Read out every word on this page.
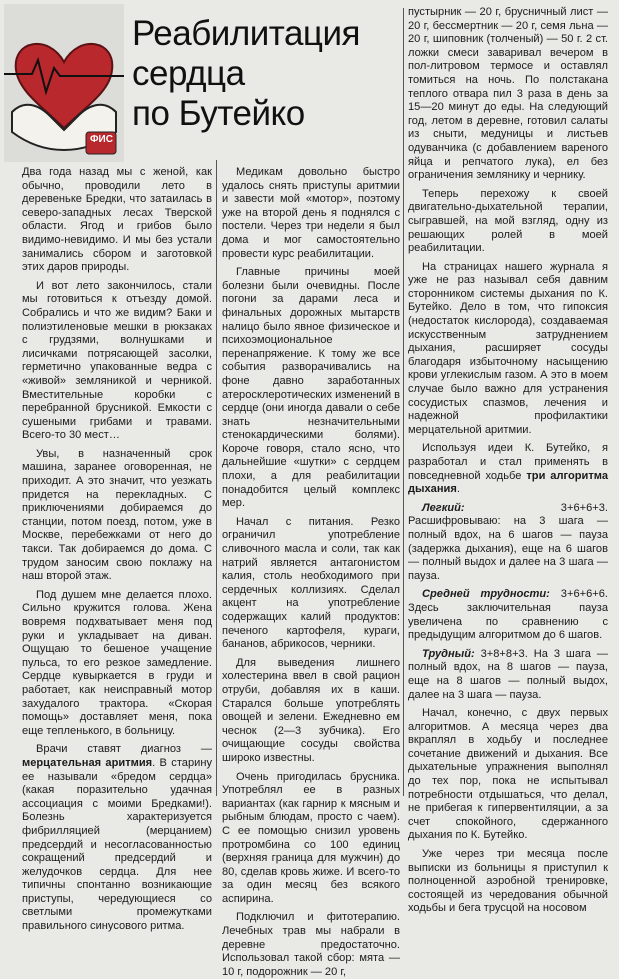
ФИС
Реабилитация
сердца
по Бутейко

Два года назад мы с женой, как обычно, проводили лето в деревеньке Бредки, что затаилась в северо-западных лесах Тверской области. Ягод и грибов было видимо-невидимо. И мы без устали занимались сбором и заготовкой этих даров природы.

И вот лето закончилось, стали мы готовиться к отъезду домой. Собрались и что же видим? Баки и полиэтиленовые мешки в рюкзаках с грудзями, волнушками и лисичками потрясающей засолки, герметично упакованные ведра с «живой» земляникой и черникой. Вместительные коробки с перебранной брусникой. Емкости с сушеными грибами и травами. Всего-то 30 мест…

Увы, в назначенный срок машина, заранее оговоренная, не приходит. А это значит, что уезжать придется на перекладных. С приключениями добираемся до станции, потом поезд, потом, уже в Москве, перебежками от него до такси. Так добираемся до дома. С трудом заносим свою поклажу на наш второй этаж.

Под душем мне делается плохо. Сильно кружится голова. Жена вовремя подхватывает меня под руки и укладывает на диван. Ощущаю то бешеное учащение пульса, то его резкое замедление. Сердце кувыркается в груди и работает, как неисправный мотор захудалого трактора. «Скорая помощь» доставляет меня, пока еще тепленького, в больницу.

Врачи ставят диагноз — мерцательная аритмия. В старину ее называли «бредом сердца» (какая поразительно удачная ассоциация с моими Бредками!). Болезнь характеризуется фибрилляцией (мерцанием) предсердий и несогласованностью сокращений предсердий и желудочков сердца. Для нее типичны спонтанно возникающие приступы, чередующиеся со светлыми промежутками правильного синусового ритма.

Медикам довольно быстро удалось снять приступы аритмии и завести мой «мотор», поэтому уже на второй день я поднялся с постели. Через три недели я был дома и мог самостоятельно провести курс реабилитации.

Главные причины моей болезни были очевидны. После погони за дарами леса и финальных дорожных мытарств налицо было явное физическое и психоэмоциональное перенапряжение. К тому же все события разворачивались на фоне давно заработанных атеросклеротических изменений в сердце (они иногда давали о себе знать незначительными стенокардическими болями). Короче говоря, стало ясно, что дальнейшие «шутки» с сердцем плохи, а для реабилитации понадобится целый комплекс мер.

Начал с питания. Резко ограничил употребление сливочного масла и соли, так как натрий является антагонистом калия, столь необходимого при сердечных коллизиях. Сделал акцент на употребление содержащих калий продуктов: печеного картофеля, кураги, бананов, абрикосов, черники.

Для выведения лишнего холестерина ввел в свой рацион отруби, добавляя их в каши. Старался больше употреблять овощей и зелени. Ежедневно ем чеснок (2—3 зубчика). Его очищающие сосуды свойства широко известны.

Очень пригодилась брусника. Употреблял ее в разных вариантах (как гарнир к мясным и рыбным блюдам, просто с чаем). С ее помощью снизил уровень протромбина со 100 единиц (верхняя граница для мужчин) до 80, сделав кровь жиже. И всего-то за один месяц без всякого аспирина.

Подключил и фитотерапию. Лечебных трав мы набрали в деревне предостаточно. Использовал такой сбор: мята — 10 г, подорожник — 20 г,

пустырник — 20 г, брусничный лист — 20 г, бессмертник — 20 г, семя льна — 20 г, шиповник (толченый) — 50 г. 2 ст. ложки смеси заваривал вечером в пол-литровом термосе и оставлял томиться на ночь. По полстакана теплого отвара пил 3 раза в день за 15—20 минут до еды. На следующий год, летом в деревне, готовил салаты из сныти, медуницы и листьев одуванчика (с добавлением вареного яйца и репчатого лука), ел без ограничения землянику и чернику.

Теперь перехожу к своей двигательно-дыхательной терапии, сыгравшей, на мой взгляд, одну из решающих ролей в моей реабилитации.

На страницах нашего журнала я уже не раз называл себя давним сторонником системы дыхания по К. Бутейко. Дело в том, что гипоксия (недостаток кислорода), создаваемая искусственным затруднением дыхания, расширяет сосуды благодаря избыточному насыщению крови углекислым газом. А это в моем случае было важно для устранения сосудистых спазмов, лечения и надежной профилактики мерцательной аритмии.

Используя идеи К. Бутейко, я разработал и стал применять в повседневной ходьбе три алгоритма дыхания.

Легкий: 3+6+6+3. Расшифровываю: на 3 шага — полный вдох, на 6 шагов — пауза (задержка дыхания), еще на 6 шагов — полный выдох и далее на 3 шага — пауза.

Средней трудности: 3+6+6+6. Здесь заключительная пауза увеличена по сравнению с предыдущим алгоритмом до 6 шагов.

Трудный: 3+8+8+3. На 3 шага — полный вдох, на 8 шагов — пауза, еще на 8 шагов — полный выдох, далее на 3 шага — пауза.

Начал, конечно, с двух первых алгоритмов. А месяца через два вкраплял в ходьбу и последнее сочетание движений и дыхания. Все дыхательные упражнения выполнял до тех пор, пока не испытывал потребности отдышаться, что делал, не прибегая к гипервентиляции, а за счет спокойного, сдержанного дыхания по К. Бутейко.

Уже через три месяца после выписки из больницы я приступил к полноценной аэробной тренировке, состоящей из чередования обычной ходьбы и бега трусцой на носовом
